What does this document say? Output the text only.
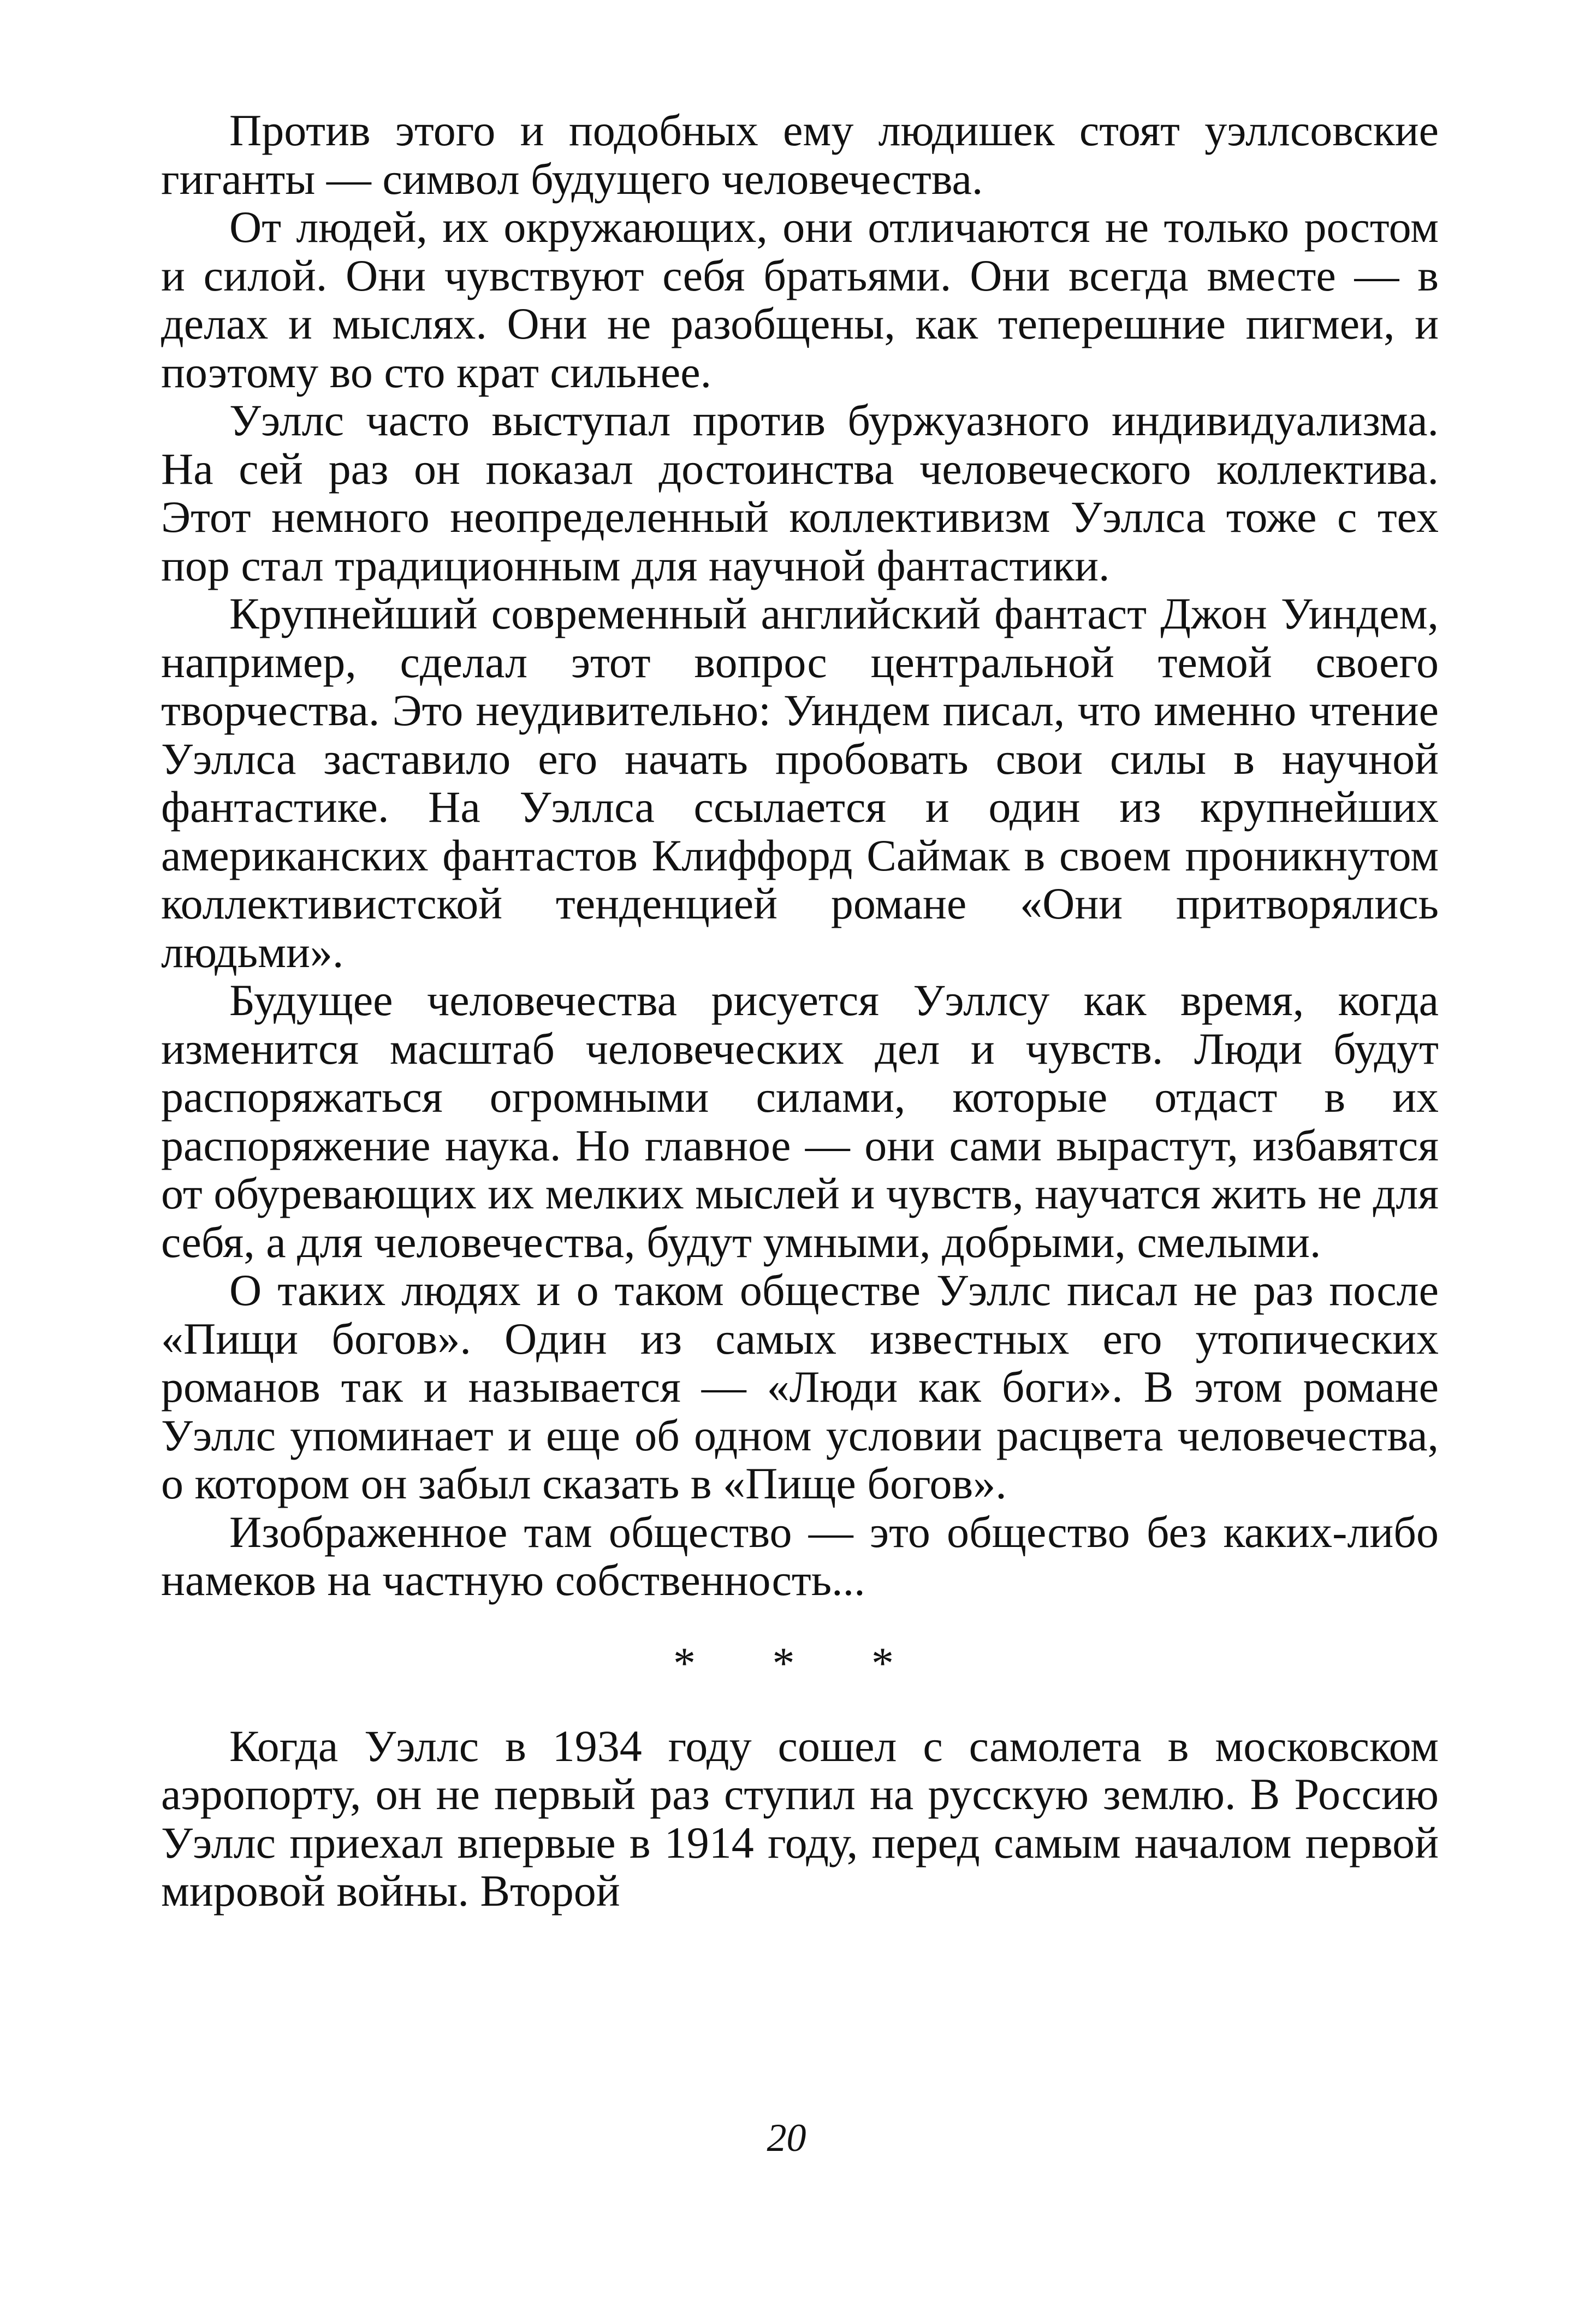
Против этого и подобных ему людишек стоят уэллсовские гиганты — символ будущего человечества.

От людей, их окружающих, они отличаются не только ростом и силой. Они чувствуют себя братьями. Они всегда вместе — в делах и мыслях. Они не разобщены, как теперешние пигмеи, и поэтому во сто крат сильнее.

Уэллс часто выступал против буржуазного индивидуализма. На сей раз он показал достоинства человеческого коллектива. Этот немного неопределенный коллективизм Уэллса тоже с тех пор стал традиционным для научной фантастики.

Крупнейший современный английский фантаст Джон Уиндем, например, сделал этот вопрос центральной темой своего творчества. Это неудивительно: Уиндем писал, что именно чтение Уэллса заставило его начать пробовать свои силы в научной фантастике. На Уэллса ссылается и один из крупнейших американских фантастов Клиффорд Саймак в своем проникнутом коллективистской тенденцией романе «Они притворялись людьми».

Будущее человечества рисуется Уэллсу как время, когда изменится масштаб человеческих дел и чувств. Люди будут распоряжаться огромными силами, которые отдаст в их распоряжение наука. Но главное — они сами вырастут, избавятся от обуревающих их мелких мыслей и чувств, научатся жить не для себя, а для человечества, будут умными, добрыми, смелыми.

О таких людях и о таком обществе Уэллс писал не раз после «Пищи богов». Один из самых известных его утопических романов так и называется — «Люди как боги». В этом романе Уэллс упоминает и еще об одном условии расцвета человечества, о котором он забыл сказать в «Пище богов».

Изображенное там общество — это общество без каких-либо намеков на частную собственность...

* * *

Когда Уэллс в 1934 году сошел с самолета в московском аэропорту, он не первый раз ступил на русскую землю. В Россию Уэллс приехал впервые в 1914 году, перед самым началом первой мировой войны. Второй

20
